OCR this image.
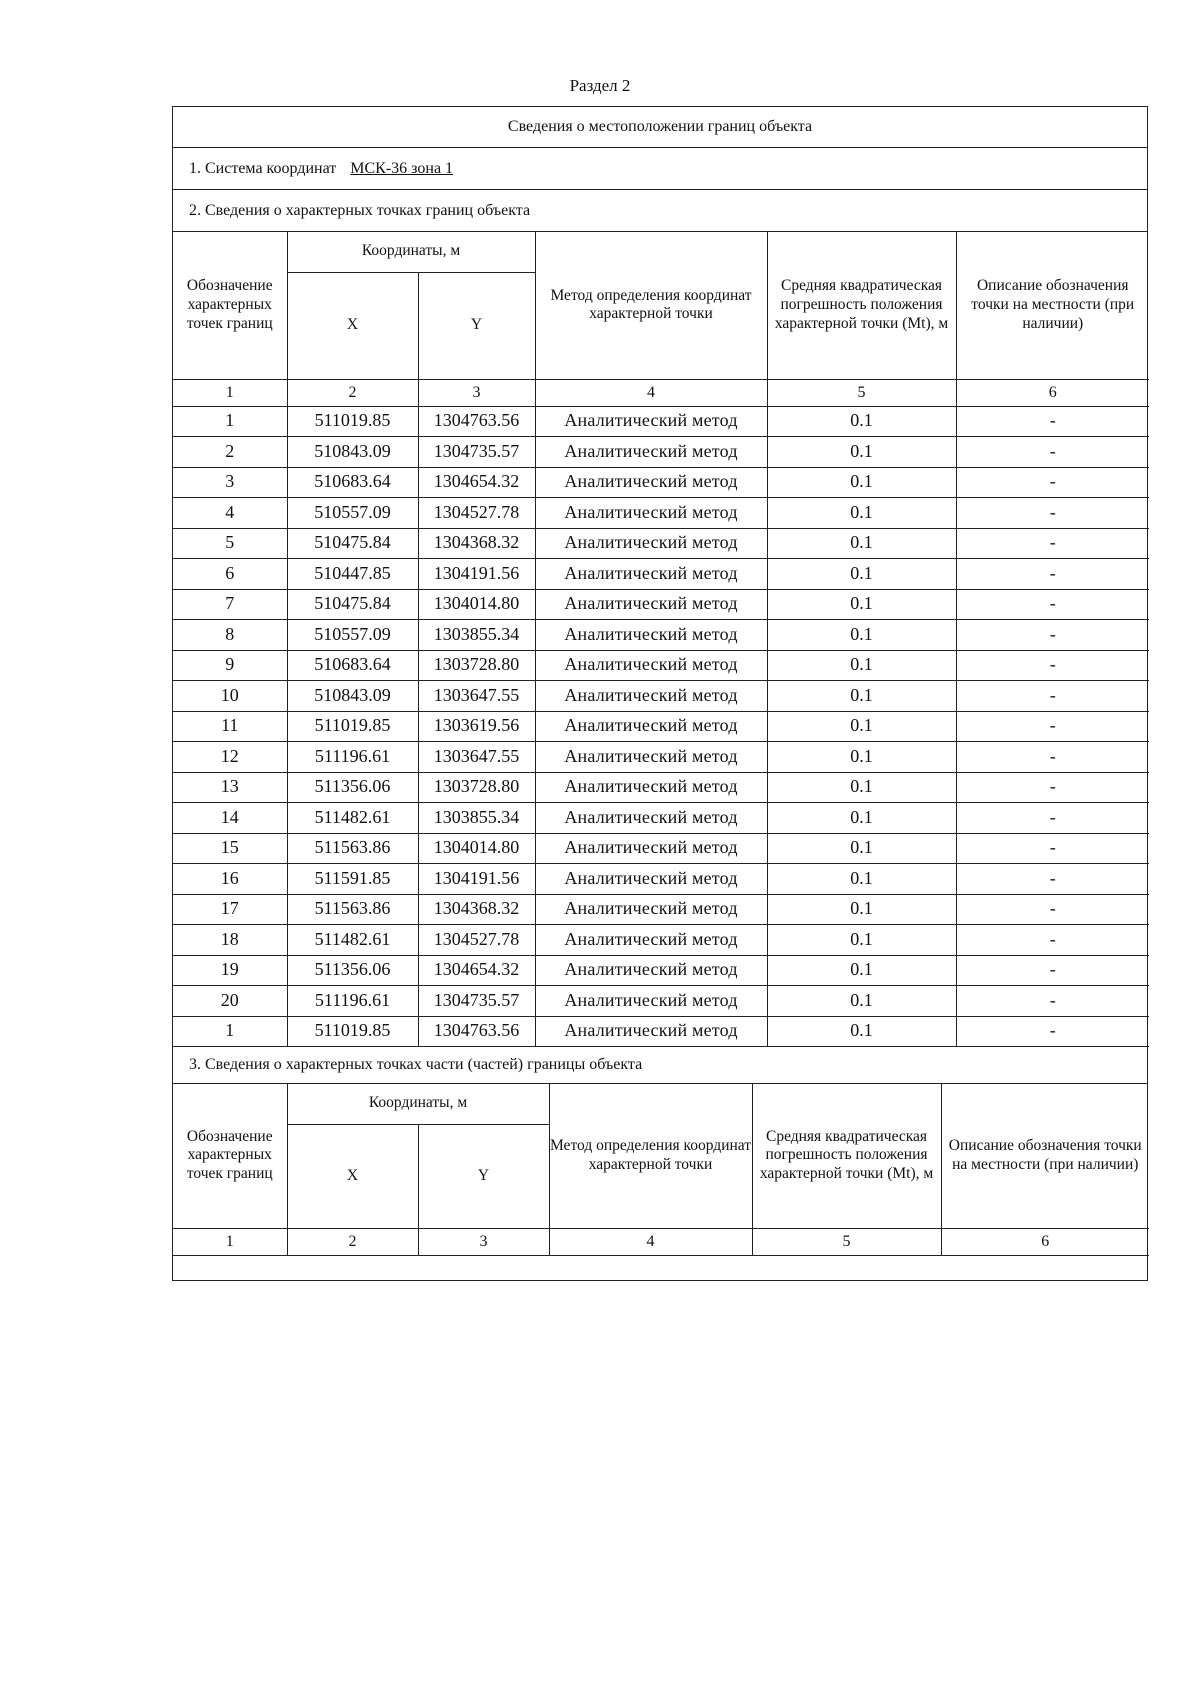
Раздел 2
Сведения о местоположении границ объекта
1. Система координат МСК-36 зона 1
2. Сведения о характерных точках границ объекта
Обозначение характерных точек границ	Координаты, м		Метод определения координат характерной точки	Средняя квадратическая погрешность положения характерной точки (Mt), м	Описание обозначения точки на местности (при наличии)
	X	Y			
1	2	3	4	5	6
1	511019.85	1304763.56	Аналитический метод	0.1	-
2	510843.09	1304735.57	Аналитический метод	0.1	-
3	510683.64	1304654.32	Аналитический метод	0.1	-
4	510557.09	1304527.78	Аналитический метод	0.1	-
5	510475.84	1304368.32	Аналитический метод	0.1	-
6	510447.85	1304191.56	Аналитический метод	0.1	-
7	510475.84	1304014.80	Аналитический метод	0.1	-
8	510557.09	1303855.34	Аналитический метод	0.1	-
9	510683.64	1303728.80	Аналитический метод	0.1	-
10	510843.09	1303647.55	Аналитический метод	0.1	-
11	511019.85	1303619.56	Аналитический метод	0.1	-
12	511196.61	1303647.55	Аналитический метод	0.1	-
13	511356.06	1303728.80	Аналитический метод	0.1	-
14	511482.61	1303855.34	Аналитический метод	0.1	-
15	511563.86	1304014.80	Аналитический метод	0.1	-
16	511591.85	1304191.56	Аналитический метод	0.1	-
17	511563.86	1304368.32	Аналитический метод	0.1	-
18	511482.61	1304527.78	Аналитический метод	0.1	-
19	511356.06	1304654.32	Аналитический метод	0.1	-
20	511196.61	1304735.57	Аналитический метод	0.1	-
1	511019.85	1304763.56	Аналитический метод	0.1	-
3. Сведения о характерных точках части (частей) границы объекта
Обозначение характерных точек границ	Координаты, м		Метод определения координат характерной точки	Средняя квадратическая погрешность положения характерной точки (Mt), м	Описание обозначения точки на местности (при наличии)
	X	Y			
1	2	3	4	5	6
